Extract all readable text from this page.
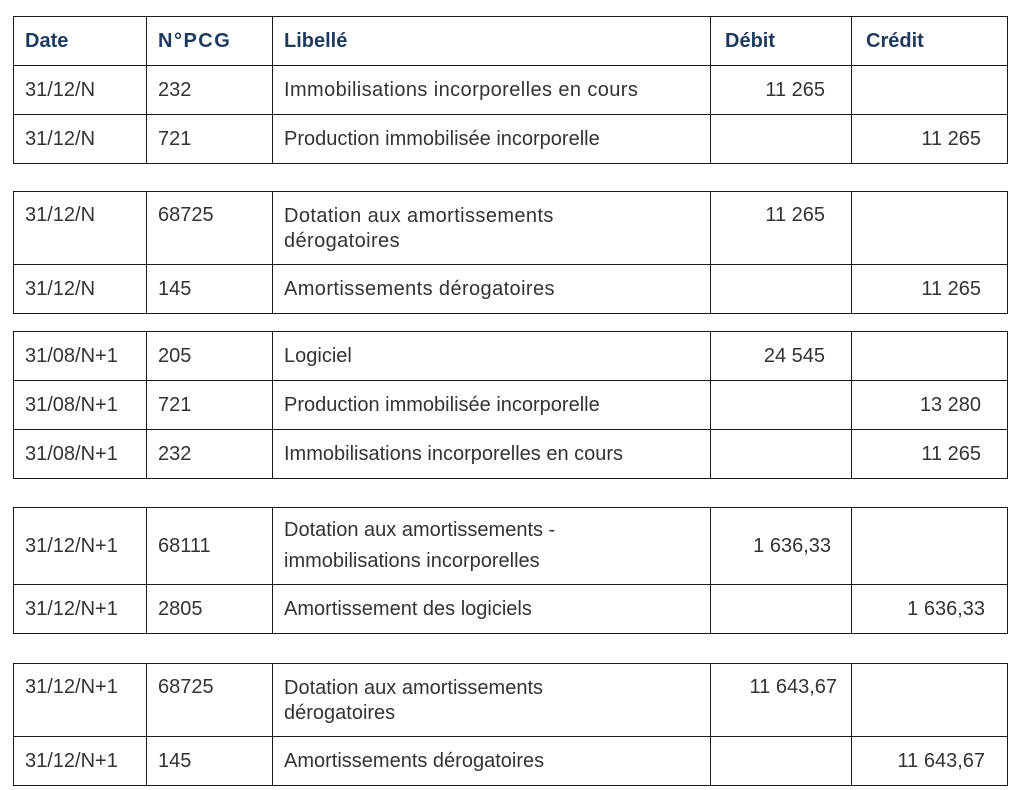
Date	N°PCG	Libellé	Débit	Crédit
31/12/N	232	Immobilisations incorporelles en cours	11 265	
31/12/N	721	Production immobilisée incorporelle		11 265
31/12/N	68725	Dotation aux amortissements dérogatoires	11 265	
31/12/N	145	Amortissements dérogatoires		11 265
31/08/N+1	205	Logiciel	24 545	
31/08/N+1	721	Production immobilisée incorporelle		13 280
31/08/N+1	232	Immobilisations incorporelles en cours		11 265
31/12/N+1	68111	Dotation aux amortissements - immobilisations incorporelles	1 636,33	
31/12/N+1	2805	Amortissement des logiciels		1 636,33
31/12/N+1	68725	Dotation aux amortissements dérogatoires	11 643,67	
31/12/N+1	145	Amortissements dérogatoires		11 643,67
